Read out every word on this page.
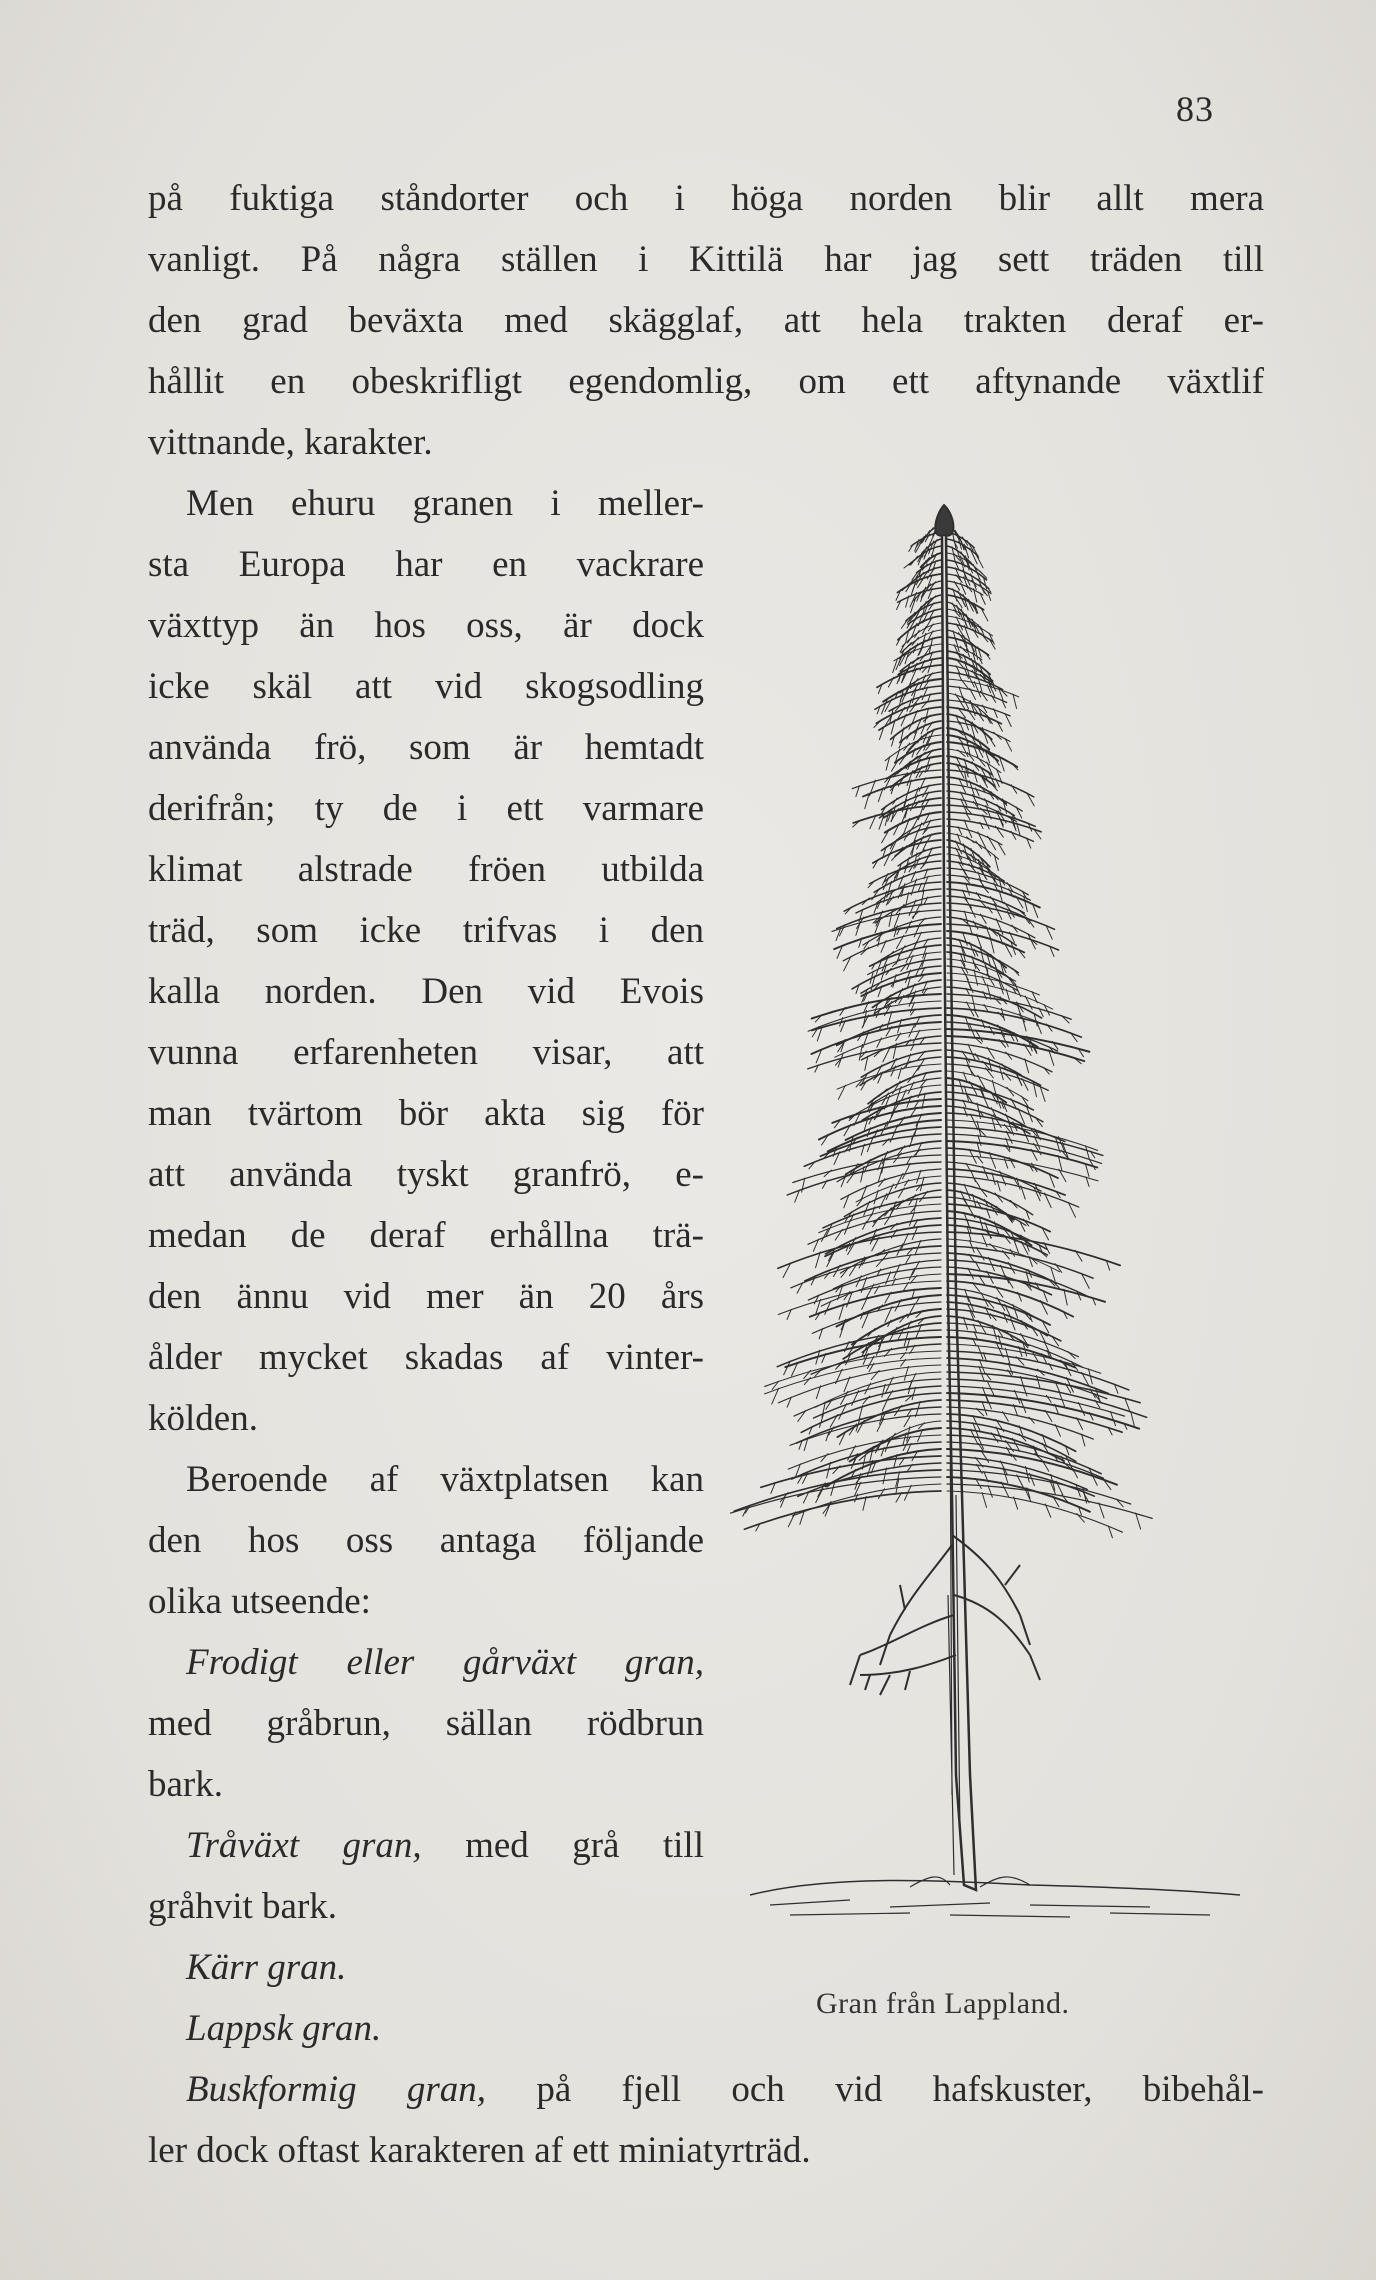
83
på fuktiga ståndorter och i höga norden blir allt mera
vanligt. På några ställen i Kittilä har jag sett träden till
den grad beväxta med skägglaf, att hela trakten deraf er-
hållit en obeskrifligt egendomlig, om ett aftynande växtlif
vittnande, karakter.
Men ehuru granen i meller-
sta Europa har en vackrare
växttyp än hos oss, är dock
icke skäl att vid skogsodling
använda frö, som är hemtadt
derifrån; ty de i ett varmare
klimat alstrade fröen utbilda
träd, som icke trifvas i den
kalla norden. Den vid Evois
vunna erfarenheten visar, att
man tvärtom bör akta sig för
att använda tyskt granfrö, e-
medan de deraf erhållna trä-
den ännu vid mer än 20 års
ålder mycket skadas af vinter-
kölden.
Beroende af växtplatsen kan
den hos oss antaga följande
olika utseende:
Frodigt eller gårväxt gran,
med gråbrun, sällan rödbrun
bark.
Tråväxt gran, med grå till
gråhvit bark.
Kärr gran.
Lappsk gran.
Buskformig gran, på fjell och vid hafskuster, bibehål-
ler dock oftast karakteren af ett miniatyrträd.
Gran från Lappland.
